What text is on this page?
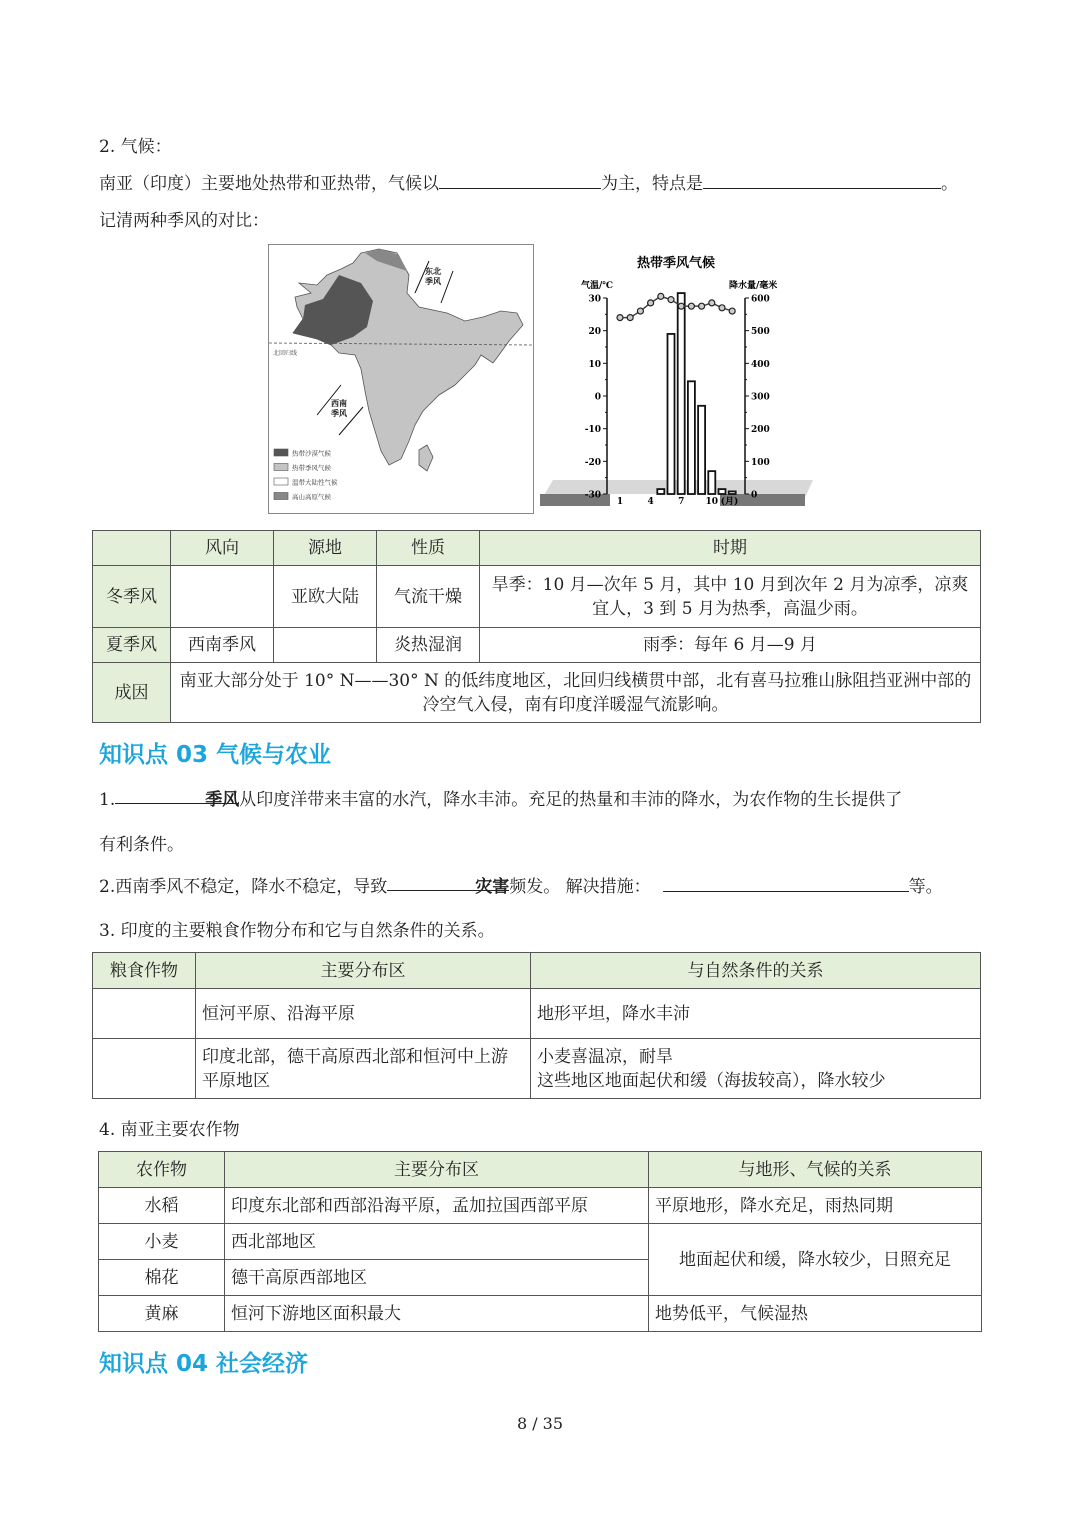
2. 气候：
南亚（印度）主要地处热带和亚热带，气候以	为主，特点是	。
记清两种季风的对比：
北回归线
热带沙漠气候
热带季风气候
温带大陆性气候
高山高原气候
东北季风
西南季风
热带季风气候
气温/℃	降水量/毫米
30
20
10
0
-10
-20
-30
600
500
400
300
200
100
0
1	4	7 10 (月)
	风向	源地	性质	时期
冬季风		亚欧大陆	气流干燥	旱季：10 月—次年 5 月，其中 10 月到次年 2 月为凉季，凉爽宜人，3 到 5 月为热季，高温少雨。
夏季风	西南季风		炎热湿润	雨季：每年 6 月—9 月
成因	南亚大部分处于 10° N——30° N 的低纬度地区，北回归线横贯中部，北有喜马拉雅山脉阻挡亚洲中部的冷空气入侵，南有印度洋暖湿气流影响。			
知识点 03 气候与农业
1.	季风从印度洋带来丰富的水汽，降水丰沛。充足的热量和丰沛的降水，为农作物的生长提供了
有利条件。
2.西南季风不稳定，降水不稳定，导致	灾害频发。 解决措施：	等。
3. 印度的主要粮食作物分布和它与自然条件的关系。
粮食作物	主要分布区	与自然条件的关系
	恒河平原、沿海平原	地形平坦，降水丰沛
	印度北部，德干高原西北部和恒河中上游平原地区	小麦喜温凉，耐旱
这些地区地面起伏和缓（海拔较高），降水较少
4. 南亚主要农作物
农作物	主要分布区	与地形、气候的关系
水稻	印度东北部和西部沿海平原，孟加拉国西部平原	平原地形，降水充足，雨热同期
小麦	西北部地区	地面起伏和缓，降水较少，日照充足
棉花	德干高原西部地区	
黄麻	恒河下游地区面积最大	地势低平，气候湿热
知识点 04 社会经济
8 / 35
